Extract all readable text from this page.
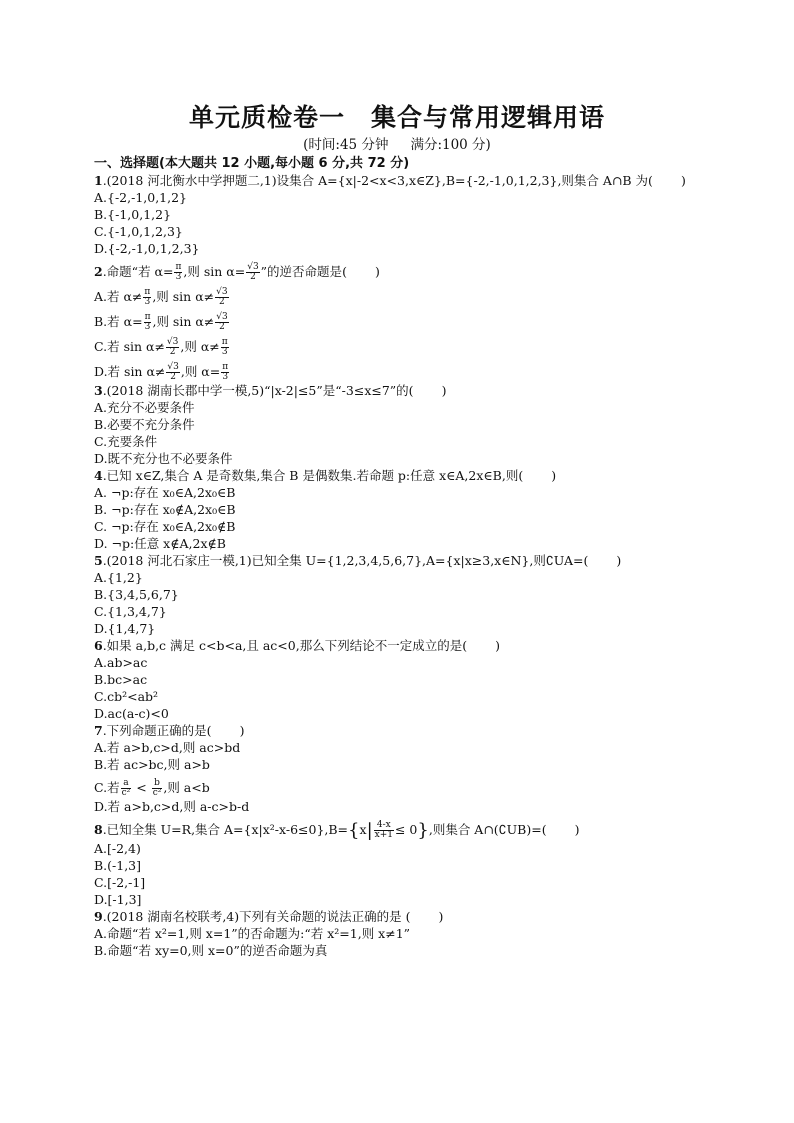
单元质检卷一 集合与常用逻辑用语
(时间:45 分钟 满分:100 分)
一、选择题(本大题共 12 小题,每小题 6 分,共 72 分)

1.(2018 河北衡水中学押题二,1)设集合 A={x|-2<x<3,x∈Z},B={-2,-1,0,1,2,3},则集合 A∩B 为( )

A.{-2,-1,0,1,2}

B.{-1,0,1,2}

C.{-1,0,1,2,3}

D.{-2,-1,0,1,2,3}

2.命题“若 $\alpha= \frac{\pi}{3}$ ,则 $\sin \alpha= \frac{√3}{2}$ ”的逆否命题是( )

A.若 $\alpha\ne \frac{\pi}{3}$ ,则 $\sin \alpha\ne \frac{√3}{2}$

B.若 $\alpha= \frac{\pi}{3}$ ,则 $\sin \alpha\ne \frac{√3}{2}$

C.若 $\sin \alpha\ne \frac{√3}{2}$ ,则 $\alpha\ne \frac{\pi}{3}$

D.若 $\sin \alpha\ne \frac{√3}{2}$ ,则 $\alpha= \frac{\pi}{3}$

3.(2018 湖南长郡中学一模,5)“|x-2|≤5”是“-3≤x≤7”的( )

A.充分不必要条件

B.必要不充分条件

C.充要条件

D.既不充分也不必要条件

4.已知 x∈Z,集合 A 是奇数集,集合 B 是偶数集.若命题 p:任意 x∈A,2x∈B,则( )

A. ¬p:存在 x₀∈A,2x₀∈B

B. ¬p:存在 x₀∉A,2x₀∈B

C. ¬p:存在 x₀∈A,2x₀∉B

D. ¬p:任意 x∉A,2x∉B

5.(2018 河北石家庄一模,1)已知全集 U={1,2,3,4,5,6,7},A={x|x≥3,x∈N},则∁UA=( )

A.{1,2}

B.{3,4,5,6,7}

C.{1,3,4,7}

D.{1,4,7}

6.如果 a,b,c 满足 c<b<a,且 ac<0,那么下列结论不一定成立的是( )

A.ab>ac

B.bc>ac

C.cb²<ab²

D.ac(a-c)<0

7.下列命题正确的是( )

A.若 a>b,c>d,则 ac>bd

B.若 ac>bc,则 a>b

C.若 $\frac{a}{\text{c²}} < \frac{b}{\text{c²}}$ ,则 a<b

D.若 a>b,c>d,则 a-c>b-d

8.已知全集 U=R,集合 $A=\{x|x^2-x-6\le 0\},B=\{x| \frac{4-x}{x+1} \le 0\}$,则集合 A∩(∁UB)=( )

A.[-2,4)

B.(-1,3]

C.[-2,-1]

D.[-1,3]

9.(2018 湖南名校联考,4)下列有关命题的说法正确的是 ( )

A.命题“若 x²=1,则 x=1”的否命题为:“若 x²=1,则 x≠1”

B.命题“若 xy=0,则 x=0”的逆否命题为真
